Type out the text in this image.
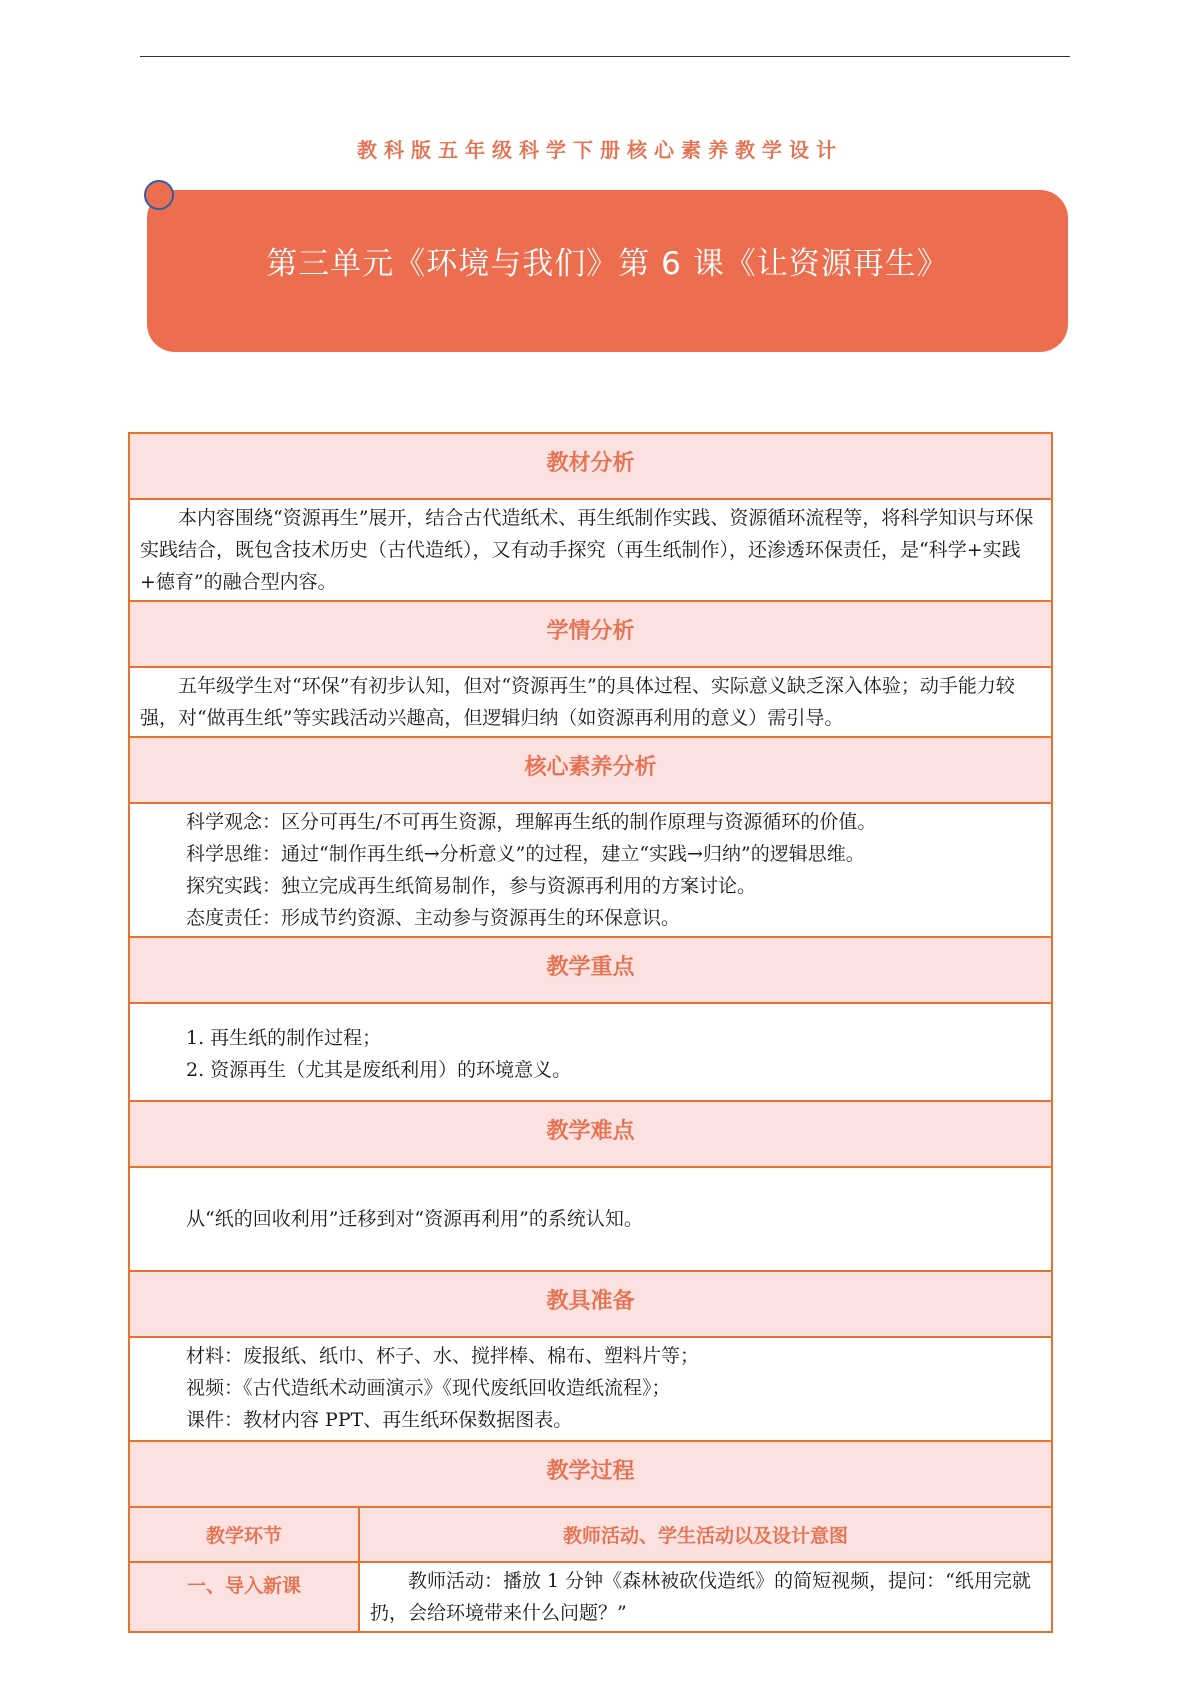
教科版五年级科学下册核心素养教学设计
第三单元《环境与我们》第 6 课《让资源再生》
教材分析	

本内容围绕“资源再生”展开，结合古代造纸术、再生纸制作实践、资源循环流程等，将科学知识与环保实践结合，既包含技术历史（古代造纸），又有动手探究（再生纸制作），还渗透环保责任，是“科学+实践+德育”的融合型内容。	

学情分析	

五年级学生对“环保”有初步认知，但对“资源再生”的具体过程、实际意义缺乏深入体验；动手能力较强，对“做再生纸”等实践活动兴趣高，但逻辑归纳（如资源再利用的意义）需引导。	

核心素养分析	

科学观念：区分可再生/不可再生资源，理解再生纸的制作原理与资源循环的价值。

科学思维：通过“制作再生纸→分析意义”的过程，建立“实践→归纳”的逻辑思维。

探究实践：独立完成再生纸简易制作，参与资源再利用的方案讨论。

态度责任：形成节约资源、主动参与资源再生的环保意识。	

教学重点	

1. 再生纸的制作过程；

2. 资源再生（尤其是废纸利用）的环境意义。	

教学难点	

从“纸的回收利用”迁移到对“资源再利用”的系统认知。	

教具准备	

材料：废报纸、纸巾、杯子、水、搅拌棒、棉布、塑料片等；

视频：《古代造纸术动画演示》《现代废纸回收造纸流程》；

课件：教材内容 PPT、再生纸环保数据图表。	

教学过程	
教学环节	教师活动、学生活动以及设计意图
一、导入新课	教师活动：播放 1 分钟《森林被砍伐造纸》的简短视频，提问：“纸用完就扔，会给环境带来什么问题？”
